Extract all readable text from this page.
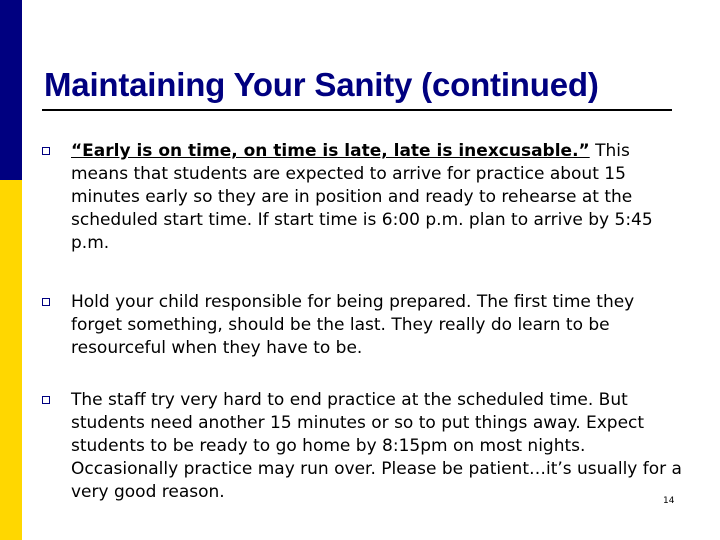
Maintaining Your Sanity (continued)
“Early is on time, on time is late, late is inexcusable.” This means that students are expected to arrive for practice about 15 minutes early so they are in position and ready to rehearse at the scheduled start time. If start time is 6:00 p.m. plan to arrive by 5:45 p.m.
Hold your child responsible for being prepared. The first time they forget something, should be the last. They really do learn to be resourceful when they have to be.
The staff try very hard to end practice at the scheduled time. But students need another 15 minutes or so to put things away. Expect students to be ready to go home by 8:15pm on most nights. Occasionally practice may run over. Please be patient…it’s usually for a very good reason.	14
